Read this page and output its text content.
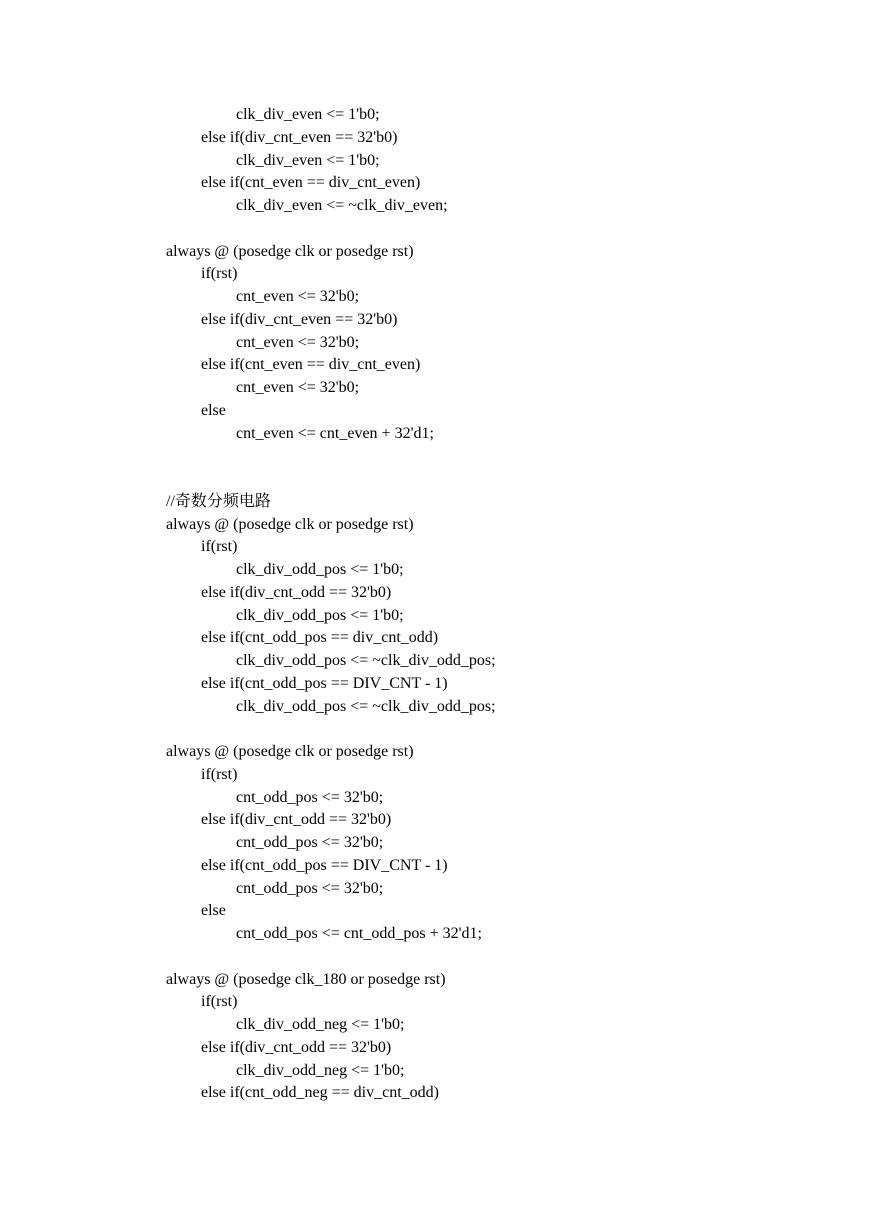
clk_div_even <= 1'b0;
else if(div_cnt_even == 32'b0)
clk_div_even <= 1'b0;
else if(cnt_even == div_cnt_even)
clk_div_even <= ~clk_div_even;
always @ (posedge clk or posedge rst)
if(rst)
cnt_even <= 32'b0;
else if(div_cnt_even == 32'b0)
cnt_even <= 32'b0;
else if(cnt_even == div_cnt_even)
cnt_even <= 32'b0;
else
cnt_even <= cnt_even + 32'd1;
//奇数分频电路
always @ (posedge clk or posedge rst)
if(rst)
clk_div_odd_pos <= 1'b0;
else if(div_cnt_odd == 32'b0)
clk_div_odd_pos <= 1'b0;
else if(cnt_odd_pos == div_cnt_odd)
clk_div_odd_pos <= ~clk_div_odd_pos;
else if(cnt_odd_pos == DIV_CNT - 1)
clk_div_odd_pos <= ~clk_div_odd_pos;
always @ (posedge clk or posedge rst)
if(rst)
cnt_odd_pos <= 32'b0;
else if(div_cnt_odd == 32'b0)
cnt_odd_pos <= 32'b0;
else if(cnt_odd_pos == DIV_CNT - 1)
cnt_odd_pos <= 32'b0;
else
cnt_odd_pos <= cnt_odd_pos + 32'd1;
always @ (posedge clk_180 or posedge rst)
if(rst)
clk_div_odd_neg <= 1'b0;
else if(div_cnt_odd == 32'b0)
clk_div_odd_neg <= 1'b0;
else if(cnt_odd_neg == div_cnt_odd)
